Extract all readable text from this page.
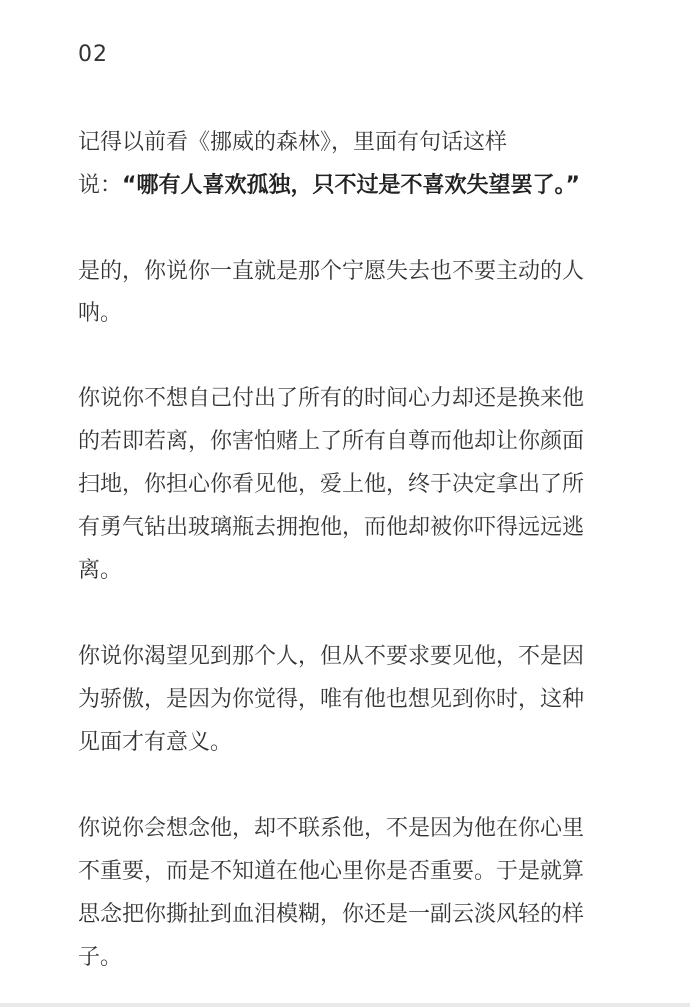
02
记得以前看《挪威的森林》，里面有句话这样
说：“哪有人喜欢孤独，只不过是不喜欢失望罢了。”
是的，你说你一直就是那个宁愿失去也不要主动的人
呐。
你说你不想自己付出了所有的时间心力却还是换来他
的若即若离，你害怕赌上了所有自尊而他却让你颜面
扫地，你担心你看见他，爱上他，终于决定拿出了所
有勇气钻出玻璃瓶去拥抱他，而他却被你吓得远远逃
离。
你说你渴望见到那个人，但从不要求要见他，不是因
为骄傲，是因为你觉得，唯有他也想见到你时，这种
见面才有意义。
你说你会想念他，却不联系他，不是因为他在你心里
不重要，而是不知道在他心里你是否重要。于是就算
思念把你撕扯到血泪模糊，你还是一副云淡风轻的样
子。
